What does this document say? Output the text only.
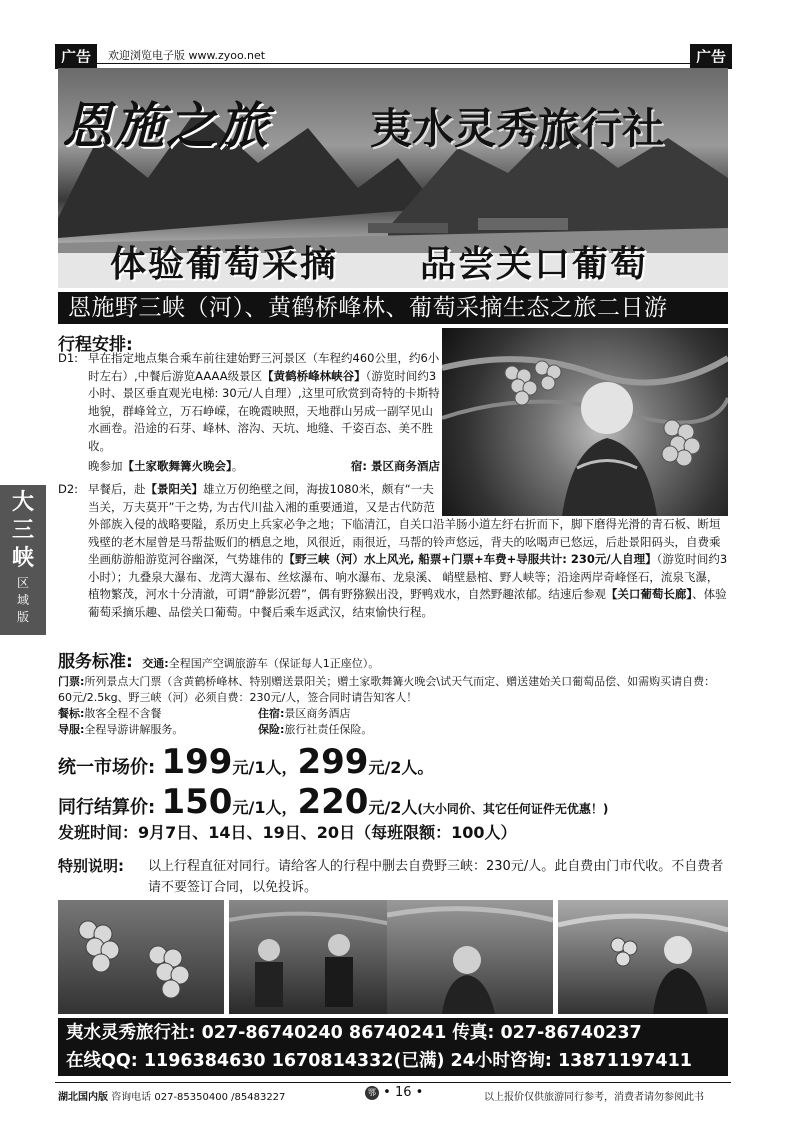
广告	欢迎浏览电子版 www.zyoo.net	广告
恩施之旅 夷水灵秀旅行社
体验葡萄采摘 品尝关口葡萄
恩施野三峡（河）、黄鹤桥峰林、葡萄采摘生态之旅二日游
大
三
峡
区
域
版
行程安排:
D1: 早在指定地点集合乘车前往建始野三河景区（车程约460公里，约6小时左右）,中餐后游览AAAA级景区【黄鹤桥峰林峡谷】（游览时间约3小时、景区垂直观光电梯: 30元/人自理）,这里可欣赏到奇特的卡斯特地貌，群峰耸立，万石峥嵘，在晚霞映照，天地群山另成一副罕见山水画卷。沿途的石芽、峰林、溶沟、天坑、地缝、千姿百态、美不胜收。
晚参加【土家歌舞篝火晚会】。	宿: 景区商务酒店
D2: 早餐后，赴【景阳关】雄立万仞绝壁之间，海拔1080米，颇有“一夫当关，万夫莫开”干之势, 为古代川盐入湘的重要通道，又是古代防范外部族入侵的战略要隘，系历史上兵家必争之地；下临清江，自关口沿羊肠小道左纡右折而下，脚下磨得光滑的青石板、断垣残壁的老木屋曾是马帮盐贩们的栖息之地，风很近，雨很近，马帮的铃声悠远，背夫的吆喝声已悠远，后赴景阳码头，自费乘坐画舫游船游览河谷幽深，气势雄伟的【野三峡（河）水上风光, 船票+门票+车费+导服共计: 230元/人自理】（游览时间约3小时）；九叠泉大瀑布、龙湾大瀑布、丝炫瀑布、响水瀑布、龙泉溪、 峭壁悬棺、野人峡等；沿途两岸奇峰怪石，流泉飞瀑，植物繁茂，河水十分清澈，可谓“静影沉碧”，偶有野猕猴出没，野鸭戏水，自然野趣浓郁。结速后参观【关口葡萄长廊】、体验葡萄采摘乐趣、品偿关口葡萄。中餐后乘车返武汉，结束愉快行程。
服务标准: 交通:全程国产空调旅游车（保证每人1正座位）。
门票:所列景点大门票（含黄鹤桥峰林、特别赠送景阳关；赠土家歌舞篝火晚会\试天气而定、赠送建始关口葡萄品偿、如需购买请自费：60元/2.5kg、野三峡（河）必须自费：230元/人，签合同时请告知客人！
餐标:散客全程不含餐	住宿:景区商务酒店
导服:全程导游讲解服务。	保险:旅行社责任保险。
统一市场价: 199元/1人，299元/2人。
同行结算价: 150元/1人，220元/2人(大小同价、其它任何证件无优惠！)
发班时间：9月7日、14日、19日、20日（每班限额：100人）
特别说明: 以上行程直征对同行。请给客人的行程中删去自费野三峡：230元/人。此自费由门市代收。不自费者请不要签订合同，以免投诉。
夷水灵秀旅行社: 027-86740240 86740241 传真: 027-86740237
在线QQ: 1196384630 1670814332(已满) 24小时咨询: 13871197411
湖北国内版 咨询电话 027-85350400 /85483227	鄂 • 16 •	以上报价仅供旅游同行参考，消费者请勿参阅此书
